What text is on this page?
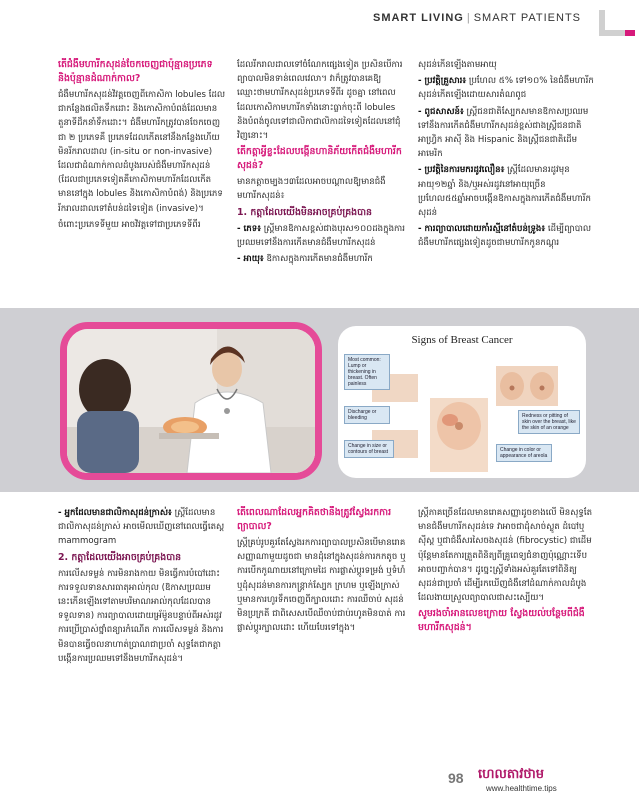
SMART LIVING | SMART PATIENTS
តើជំងឺមហារីកសុដន់ចែកចេញជាប៉ុន្មានប្រភេទ និងប៉ុន្មានដំណាក់កាល?

ជំងឺមហារីកសុដន់វិវត្តចេញពីកោសិកា lobules ដែលជាកន្លែងផលិតទឹកដោះ និងកោសិកាបំពង់ដែលមានតួនាទីដឹកនាំទឹកដោះ។ ជំងឺមហារីកត្រូវបានចែកចេញជា ២ ប្រភេទគឺ ប្រភេទដែលកើតនៅនឹងកន្លែងហើយមិនរីករាលដាល (in-situ or non-invasive) ដែលជាដំណាក់កាលដំបូងរបស់ជំងឺមហារីកសុដន់ (ដែលជាប្រភេទទៀតគឺកោសិកាមហារីកដែលកើតមាននៅក្នុង lobules និងកោសិកាបំពង់) និងប្រភេទរីករាលដាលទៅតំបន់ដទៃទៀត (invasive)។

ចំពោះប្រភេទទីមួយ អាចវិវត្តទៅជាប្រភេទទីពីរ

ដែលរីករាលដាលទៅចំណែកផ្សេងទៀត ប្រសិនបើការព្យាបាលមិនទាន់ពេលវេលា។ វាក៏ត្រូវបានគេឱ្យឈ្មោះថាមហារីកសុដន់ប្រភេទទីពីរ ដូចគ្នា នៅពេលដែលកោសិកាមហារីកទាំងនោះធ្លាក់ចុះពី lobules និងបំពង់ចូលទៅជាលិកាជាលិកាដទៃទៀតដែលនៅជុំវិញនោះ។

តើកត្តាអ្វីខ្លះដែលបង្កើនហានិភ័យកើតជំងឺមហារីកសុដន់?

មានកត្តាចម្បងៗ៣ដែលអាចបណ្ដាលឱ្យមានជំងឺមហារីកសុដន់៖

1. កត្តាដែលយើងមិនអាចគ្រប់គ្រងបាន

- ភេទ៖ ស្ត្រីមានឱកាសខ្ពស់ជាងបុរស១០០ដងក្នុងការប្រឈមទៅនឹងការកើតមានជំងឺមហារីកសុដន់

- អាយុ៖ ឱកាសក្នុងការកើតមានជំងឺមហារីក

សុដន់កើនឡើងតាមអាយុ

- ប្រវត្តិគ្រួសារ៖ ប្រហែល ៥% ទៅ១០% នៃជំងឺមហារីកសុដន់កើតឡើងដោយសារតំណពូជ

- ពូជសាសន៍៖ ស្ត្រីជនជាតិស្បែកសមានឱកាសប្រឈមទៅនឹងការកើតជំងឺមហារីកសុដន់ខ្ពស់ជាងស្ត្រីជនជាតិអាហ្វ្រិក អាស៊ី និង Hispanic និងស្ត្រីជនជាតិដើមអាមេរិក

- ប្រវត្តិនៃការមករដូវលឿន៖ ស្ត្រីដែលមានរដូវមុនអាយុ១២ឆ្នាំ និង/ឬអស់រដូវនៅអាយុច្រើន ប្រហែល៥៥ឆ្នាំអាចបង្កើនឱកាសក្នុងការកើតជំងឺមហារីកសុដន់

- ការព្យាបាលដោយកាំរស្មីនៅតំបន់ទ្រូង៖ ដើម្បីព្យាបាលជំងឺមហារីកផ្សេងទៀតដូចជាមហារីកកូនកណ្ដុរ

Signs of Breast Cancer
Most common: Lump or thickening in breast. Often painless
Discharge or bleeding
Change in size or contours of breast
Redness or pitting of skin over the breast, like the skin of an orange
Change in color or appearance of areola

- អ្នកដែលមានជាលិកាសុដន់ក្រាស់៖ ស្ត្រីដែលមានជាលិកាសុដន់ក្រាស់ អាចមើលឃើញនៅពេលធ្វើតេស្ត mammogram

2. កត្តាដែលយើងអាចគ្រប់គ្រងបាន

ការលើសទម្ងន់ ការមិនរាងកាយ មិនធ្វើការបំបៅដោះការទទួលទានសារធាតុអាល់កុល (ឱកាសប្រឈមនេះកើនឡើងទៅតាមបរិមាណអាល់កុលដែលបានទទួលទាន) ការព្យាបាលដោយអ្រ័ម៉ូនបន្ទាប់ពីអស់រដូវ ការប្រើប្រាស់ថ្នាំពន្យារកំណើត ការលើសទម្ងន់ និងការមិនបានធ្វើចលនាហាត់ប្រាណជាប្រចាំ សុទ្ធតែជាកត្តាបង្កើនការប្រឈមទៅនឹងមហារីកសុដន់។

តើពេលណាដែលអ្នកគិតថានឹងត្រូវស្វែងរកការព្យាបាល?

ស្ត្រីគ្រប់រូបគួរតែស្វែងរកការព្យាបាលប្រសិនបើមានរោគសញ្ញាណាមួយដូចជា មានដុំនៅក្នុងសុដន់ការកកតូច ឬការបើកកូណាយនៅក្រោមដៃ ការផ្លាស់ប្ដូរទម្រង់ ឬទំហំ ឬដុំសុដន់មានការកន្ត្រាក់ស្បែក ក្រហម ឬឡើងក្រាស់ ឬមានការហូរទឹកចេញពីក្បាលដោះ ការឈឺចាប់ សុដន់ មិនប្រក្រតី ជាពិសេសបើឈឺចាប់ជាប់រហូតមិនបាត់ ការផ្លាស់ប្ដូរក្បាលដោះ ហើយបែរទៅក្នុង។

ស្ត្រីភាគច្រើនដែលមានរោគសញ្ញាដូចខាងលើ មិនសុទ្ធតែមានជំងឺមហារីកសុដន់ទេ វាអាចជាដុំសាច់ស្លូត ដំបៅឬស៊ីស្ត ឬជាជំងឺសរសៃចងសុដន់ (fibrocystic) ជាដើម ប៉ុន្តែមានតែការត្រួតពិនិត្យពីគ្រូពេទ្យជំនាញប៉ុណ្ណោះទើបអាចបញ្ជាក់បាន។ ដូច្នេះស្ត្រីទាំងអស់គួរតែទៅពិនិត្យសុដន់ជាប្រចាំ ដើម្បីរកឃើញជំងឺនៅដំណាក់កាលដំបូង ដែលងាយស្រួលព្យាបាលជាសះស្បើយ។

សូមរងចាំអានលេខក្រោយ ស្វែងយល់បន្ថែមពីជំងឺមហារីកសុដន់។
98 ហេលតាវថាម
www.healthtime.tips
